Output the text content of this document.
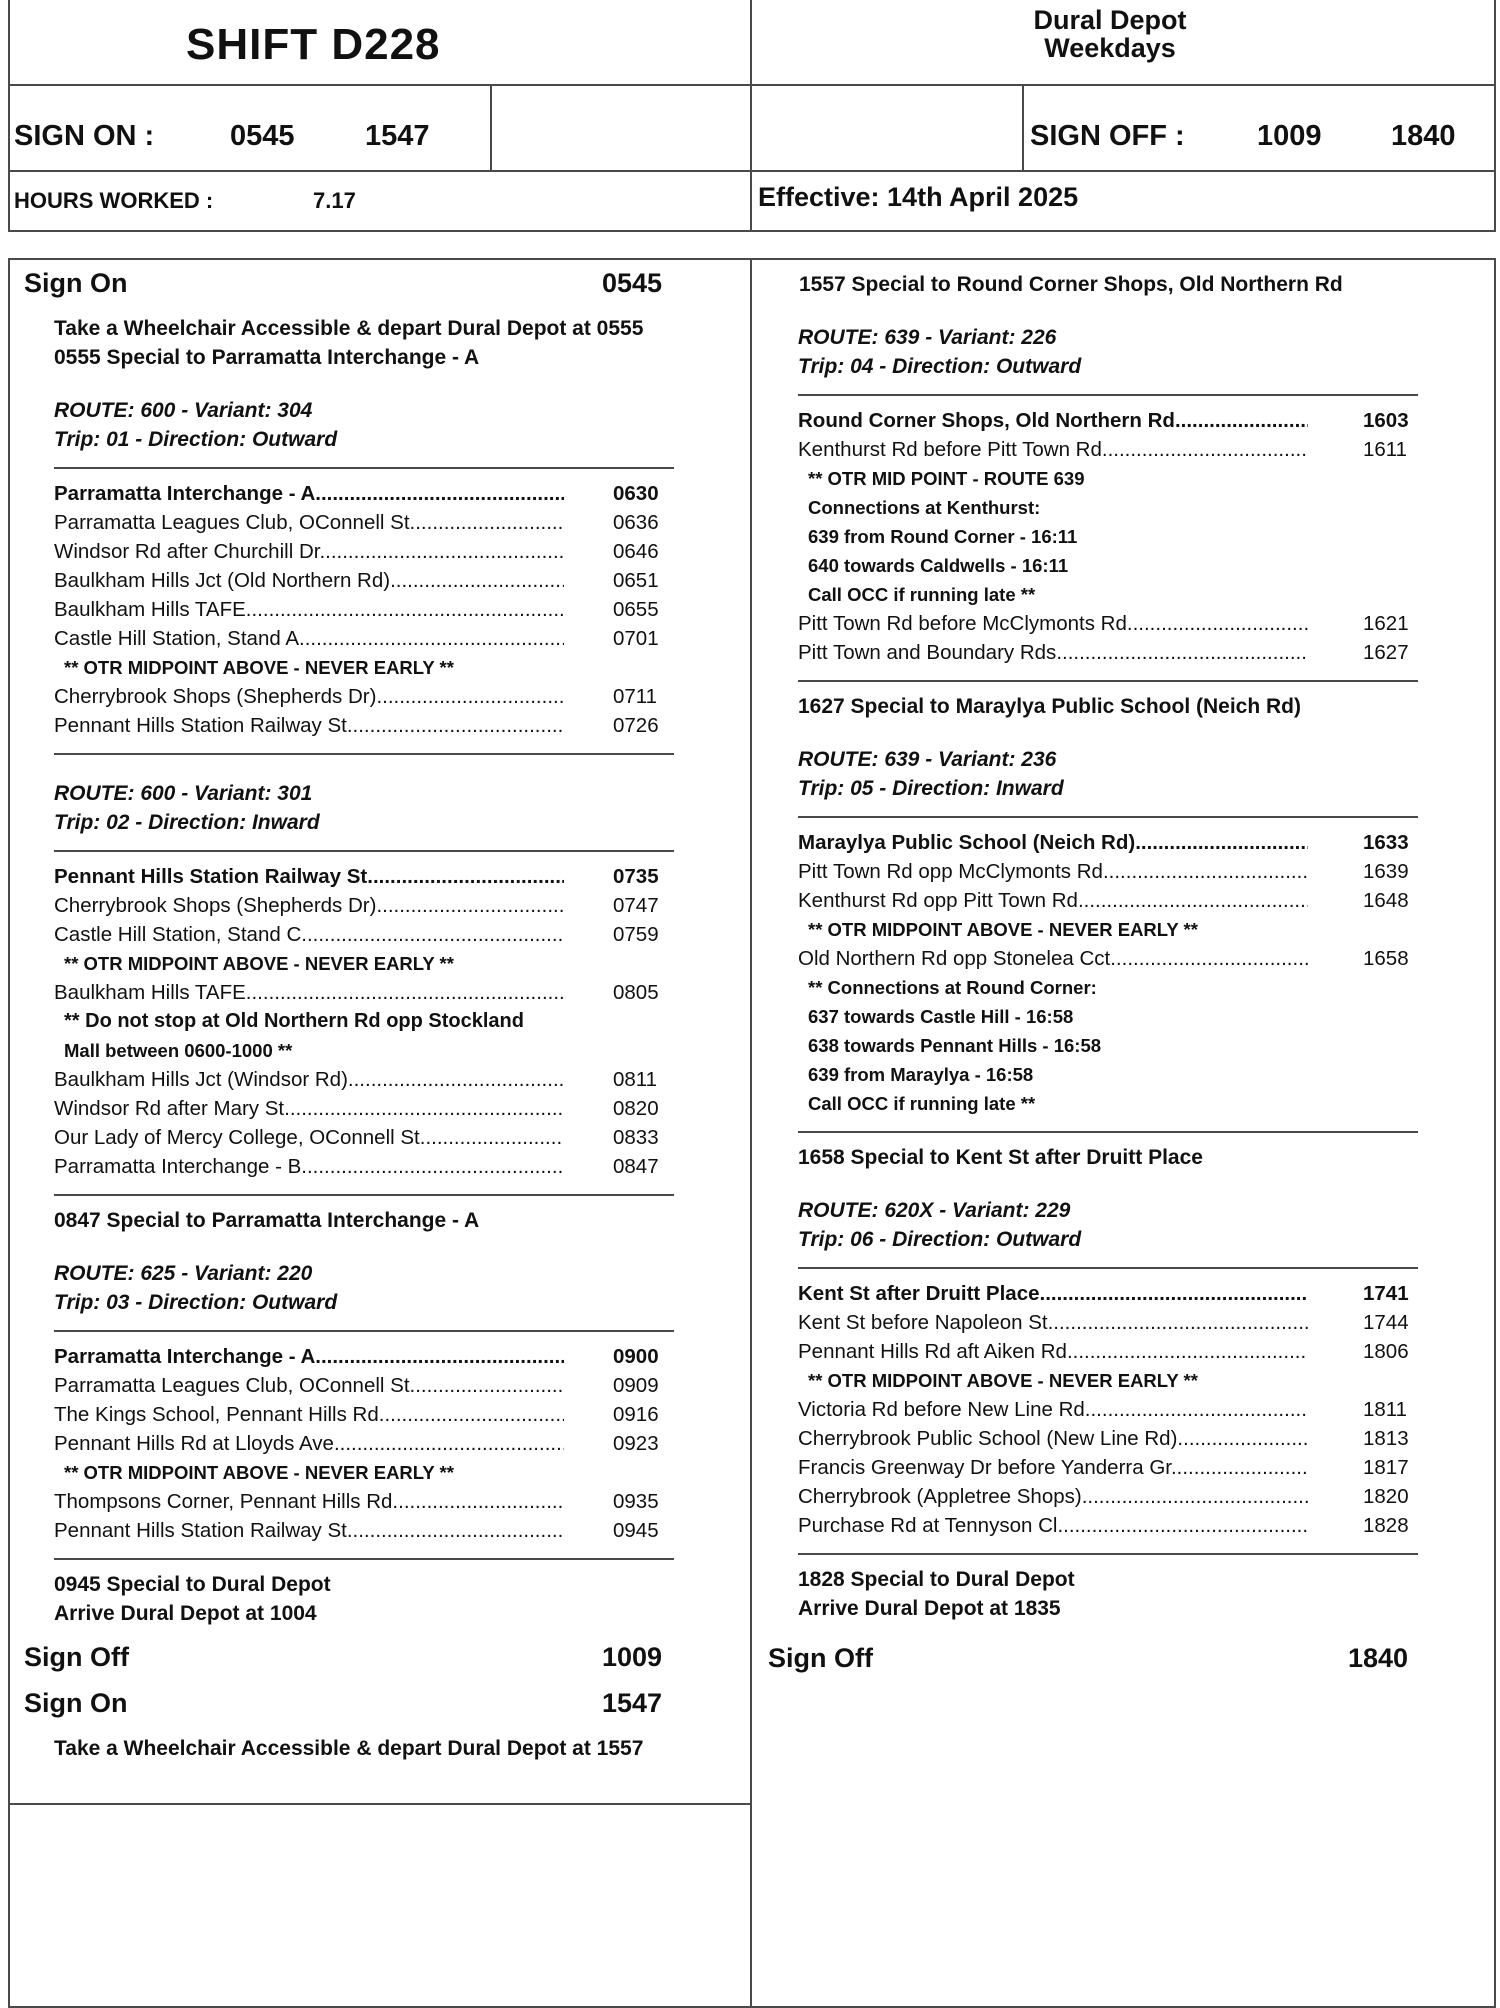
SHIFT D228	Dural Depot
Weekdays
SIGN ON :	0545 1547	SIGN OFF : 1009 1840
HOURS WORKED :	7.17	Effective: 14th April 2025
Sign On	0545
Take a Wheelchair Accessible & depart Dural Depot at 0555
0555 Special to Parramatta Interchange - A
ROUTE: 600 - Variant: 304
Trip: 01 - Direction: Outward
Parramatta Interchange - A .....	0630
Parramatta Leagues Club, OConnell St .....	0636
Windsor Rd after Churchill Dr .....	0646
Baulkham Hills Jct (Old Northern Rd) .....	0651
Baulkham Hills TAFE .....	0655
Castle Hill Station, Stand A .....	0701
** OTR MIDPOINT ABOVE - NEVER EARLY **
Cherrybrook Shops (Shepherds Dr) .....	0711
Pennant Hills Station Railway St .....	0726
ROUTE: 600 - Variant: 301
Trip: 02 - Direction: Inward
Pennant Hills Station Railway St .....	0735
Cherrybrook Shops (Shepherds Dr) .....	0747
Castle Hill Station, Stand C .....	0759
** OTR MIDPOINT ABOVE - NEVER EARLY **
Baulkham Hills TAFE .....	0805
** Do not stop at Old Northern Rd opp Stockland
Mall between 0600-1000 **
Baulkham Hills Jct (Windsor Rd) .....	0811
Windsor Rd after Mary St .....	0820
Our Lady of Mercy College, OConnell St .....	0833
Parramatta Interchange - B .....	0847
0847 Special to Parramatta Interchange - A
ROUTE: 625 - Variant: 220
Trip: 03 - Direction: Outward
Parramatta Interchange - A .....	0900
Parramatta Leagues Club, OConnell St .....	0909
The Kings School, Pennant Hills Rd .....	0916
Pennant Hills Rd at Lloyds Ave .....	0923
** OTR MIDPOINT ABOVE - NEVER EARLY **
Thompsons Corner, Pennant Hills Rd .....	0935
Pennant Hills Station Railway St .....	0945
0945 Special to Dural Depot
Arrive Dural Depot at 1004
Sign Off	1009
Sign On	1547
Take a Wheelchair Accessible & depart Dural Depot at 1557
1557 Special to Round Corner Shops, Old Northern Rd
ROUTE: 639 - Variant: 226
Trip: 04 - Direction: Outward
Round Corner Shops, Old Northern Rd .....	1603
Kenthurst Rd before Pitt Town Rd .....	1611
** OTR MID POINT - ROUTE 639
Connections at Kenthurst:
639 from Round Corner - 16:11
640 towards Caldwells - 16:11
Call OCC if running late **
Pitt Town Rd before McClymonts Rd .....	1621
Pitt Town and Boundary Rds .....	1627
1627 Special to Maraylya Public School (Neich Rd)
ROUTE: 639 - Variant: 236
Trip: 05 - Direction: Inward
Maraylya Public School (Neich Rd) .....	1633
Pitt Town Rd opp McClymonts Rd .....	1639
Kenthurst Rd opp Pitt Town Rd .....	1648
** OTR MIDPOINT ABOVE - NEVER EARLY **
Old Northern Rd opp Stonelea Cct .....	1658
** Connections at Round Corner:
637 towards Castle Hill - 16:58
638 towards Pennant Hills - 16:58
639 from Maraylya - 16:58
Call OCC if running late **
1658 Special to Kent St after Druitt Place
ROUTE: 620X - Variant: 229
Trip: 06 - Direction: Outward
Kent St after Druitt Place .....	1741
Kent St before Napoleon St .....	1744
Pennant Hills Rd aft Aiken Rd .....	1806
** OTR MIDPOINT ABOVE - NEVER EARLY **
Victoria Rd before New Line Rd .....	1811
Cherrybrook Public School (New Line Rd) .....	1813
Francis Greenway Dr before Yanderra Gr .....	1817
Cherrybrook (Appletree Shops) .....	1820
Purchase Rd at Tennyson Cl .....	1828
1828 Special to Dural Depot
Arrive Dural Depot at 1835
Sign Off	1840
